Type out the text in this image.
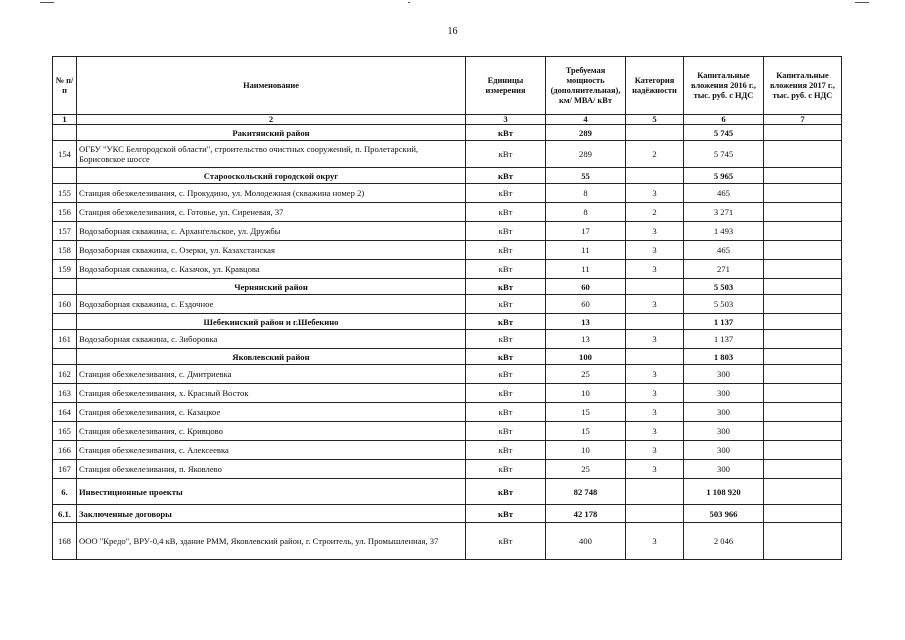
16
№ п/п	Наименование	Единицы измерения	Требуемая мощность (дополнительная), км/ МВА/ кВт	Категория надёжности	Капитальные вложения 2016 г., тыс. руб. с НДС	Капитальные вложения 2017 г., тыс. руб. с НДС
1	2	3	4	5	6	7
	Ракитянский район	кВт	289		5 745	
154	ОГБУ "УКС Белгородской области", строительство очистных сооружений, п. Пролетарский, Борисовское шоссе	кВт	289	2	5 745	
	Старооскольский городской округ	кВт	55		5 965	
155	Станция обезжелезивания, с. Прокудино, ул. Молодежная (скважина номер 2)	кВт	8	3	465	
156	Станция обезжелезивания, с. Готовье, ул. Сиреневая, 37	кВт	8	2	3 271	
157	Водозаборная скважина, с. Архангельское, ул. Дружбы	кВт	17	3	1 493	
158	Водозаборная скважина, с. Озерки, ул. Казахстанская	кВт	11	3	465	
159	Водозаборная скважина, с. Казачок, ул. Кравцова	кВт	11	3	271	
	Чернянский район	кВт	60		5 503	
160	Водозаборная скважина, с. Ездочное	кВт	60	3	5 503	
	Шебекинский район и г.Шебекино	кВт	13		1 137	
161	Водозаборная скважина, с. Зиборовка	кВт	13	3	1 137	
	Яковлевский район	кВт	100		1 803	
162	Станция обезжелезивания, с. Дмитриевка	кВт	25	3	300	
163	Станция обезжелезивания, х. Красный Восток	кВт	10	3	300	
164	Станция обезжелезивания, с. Казацкое	кВт	15	3	300	
165	Станция обезжелезивания, с. Кривцово	кВт	15	3	300	
166	Станция обезжелезивания, с. Алексеевка	кВт	10	3	300	
167	Станция обезжелезивания, п. Яковлево	кВт	25	3	300	
6.	Инвестиционные проекты	кВт	82 748		1 108 920	
6.1.	Заключенные договоры	кВт	42 178		503 966	
168	ООО "Кредо", ВРУ-0,4 кВ, здание РММ, Яковлевский район, г. Строитель, ул. Промышленная, 37	кВт	400	3	2 046	
